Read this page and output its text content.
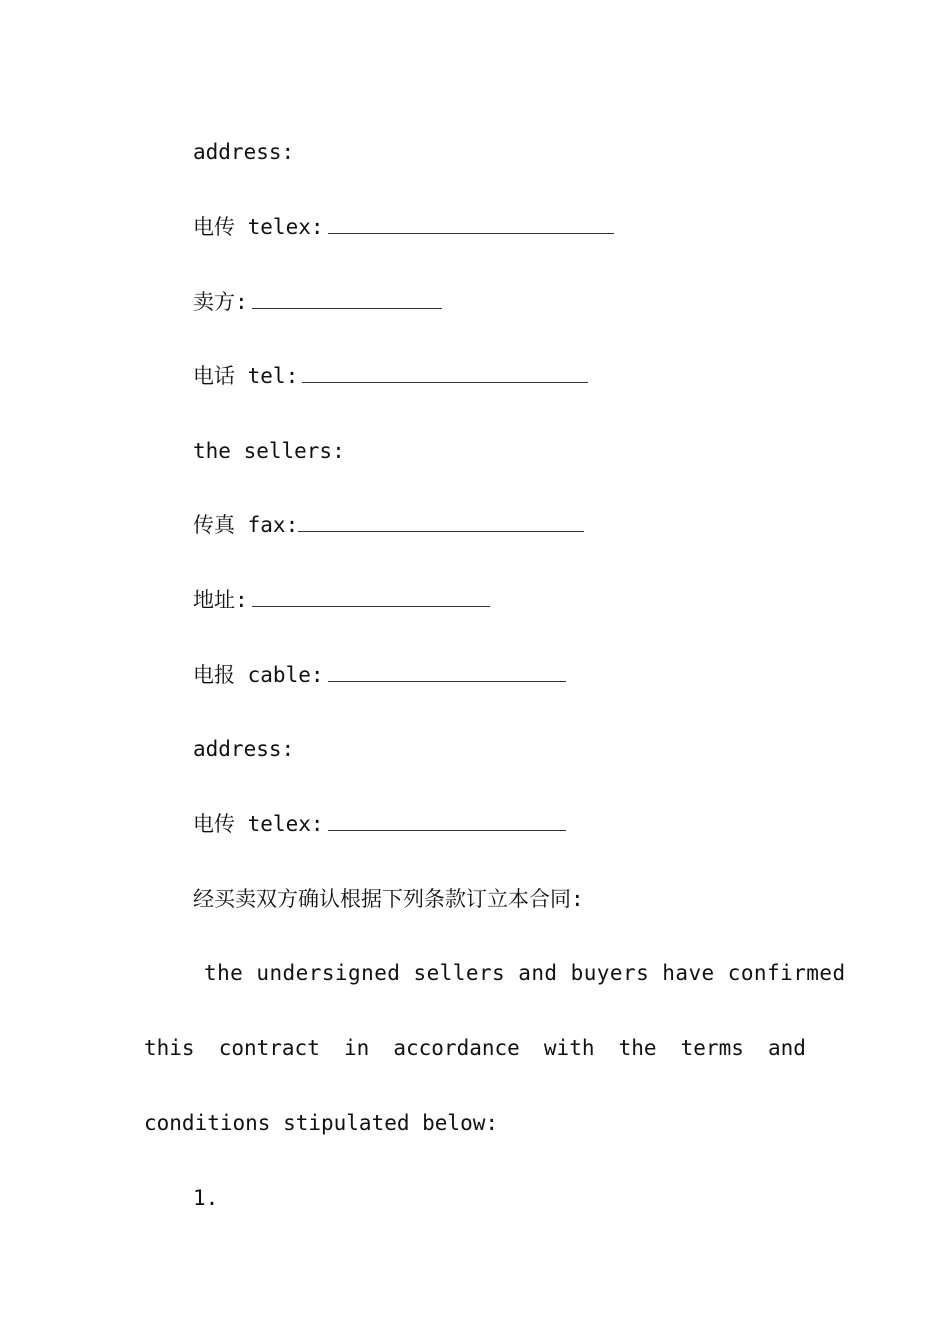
address:
电传 telex:
卖方:
电话 tel:
the sellers:
传真 fax:
地址:
电报 cable:
address:
电传 telex:
经买卖双方确认根据下列条款订立本合同:
the undersigned sellers and buyers have confirmed
this contract in accordance with the terms and
conditions stipulated below:
1.
